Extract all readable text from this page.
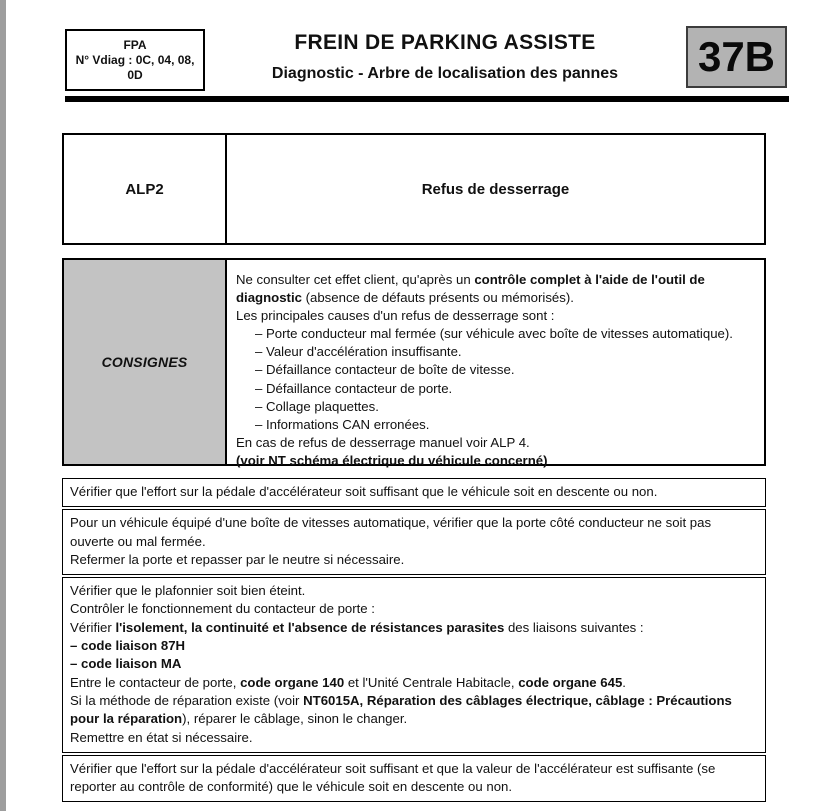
FPA
N° Vdiag : 0C, 04, 08,
0D
FREIN DE PARKING ASSISTE
Diagnostic - Arbre de localisation des pannes	37B
ALP2	Refus de desserrage
CONSIGNES
Ne consulter cet effet client, qu'après un contrôle complet à l'aide de l'outil de diagnostic (absence de défauts présents ou mémorisés).
Les principales causes d'un refus de desserrage sont :
– Porte conducteur mal fermée (sur véhicule avec boîte de vitesses automatique).
– Valeur d'accélération insuffisante.
– Défaillance contacteur de boîte de vitesse.
– Défaillance contacteur de porte.
– Collage plaquettes.
– Informations CAN erronées.
En cas de refus de desserrage manuel voir ALP 4.
(voir NT schéma électrique du véhicule concerné)
Vérifier que l'effort sur la pédale d'accélérateur soit suffisant que le véhicule soit en descente ou non.
Pour un véhicule équipé d'une boîte de vitesses automatique, vérifier que la porte côté conducteur ne soit pas ouverte ou mal fermée.
Refermer la porte et repasser par le neutre si nécessaire.
Vérifier que le plafonnier soit bien éteint.
Contrôler le fonctionnement du contacteur de porte :
Vérifier l'isolement, la continuité et l'absence de résistances parasites des liaisons suivantes :
– code liaison 87H
– code liaison MA
Entre le contacteur de porte, code organe 140 et l'Unité Centrale Habitacle, code organe 645.
Si la méthode de réparation existe (voir NT6015A, Réparation des câblages électrique, câblage : Précautions pour la réparation), réparer le câblage, sinon le changer.
Remettre en état si nécessaire.
Vérifier que l'effort sur la pédale d'accélérateur soit suffisant et que la valeur de l'accélérateur est suffisante (se reporter au contrôle de conformité) que le véhicule soit en descente ou non.
